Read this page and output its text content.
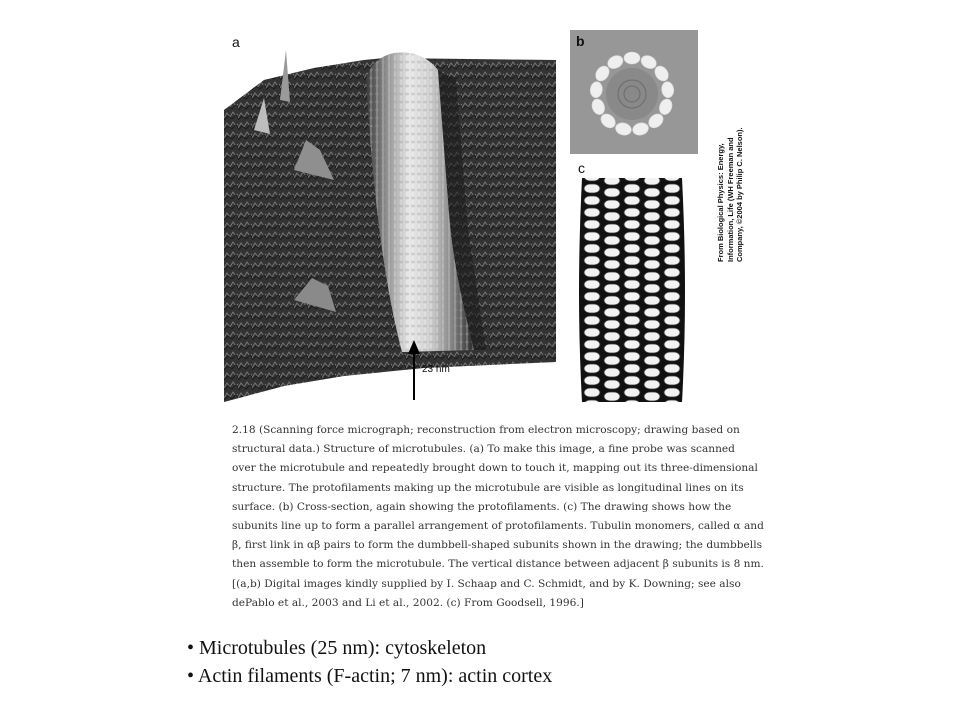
a
23 nm
b
c	From Biological Physics: Energy, Information, Life (WH Freeman and Company, ©2004 by Philip C. Nelson).
2.18 (Scanning force micrograph; reconstruction from electron microscopy; drawing based on
structural data.) Structure of microtubules. (a) To make this image, a fine probe was scanned
over the microtubule and repeatedly brought down to touch it, mapping out its three-dimensional
structure. The protofilaments making up the microtubule are visible as longitudinal lines on its
surface. (b) Cross-section, again showing the protofilaments. (c) The drawing shows how the
subunits line up to form a parallel arrangement of protofilaments. Tubulin monomers, called α and
β, first link in αβ pairs to form the dumbbell-shaped subunits shown in the drawing; the dumbbells
then assemble to form the microtubule. The vertical distance between adjacent β subunits is 8 nm.
[(a,b) Digital images kindly supplied by I. Schaap and C. Schmidt, and by K. Downing; see also
dePablo et al., 2003 and Li et al., 2002. (c) From Goodsell, 1996.]
• Microtubules (25 nm): cytoskeleton
• Actin filaments (F-actin; 7 nm): actin cortex
